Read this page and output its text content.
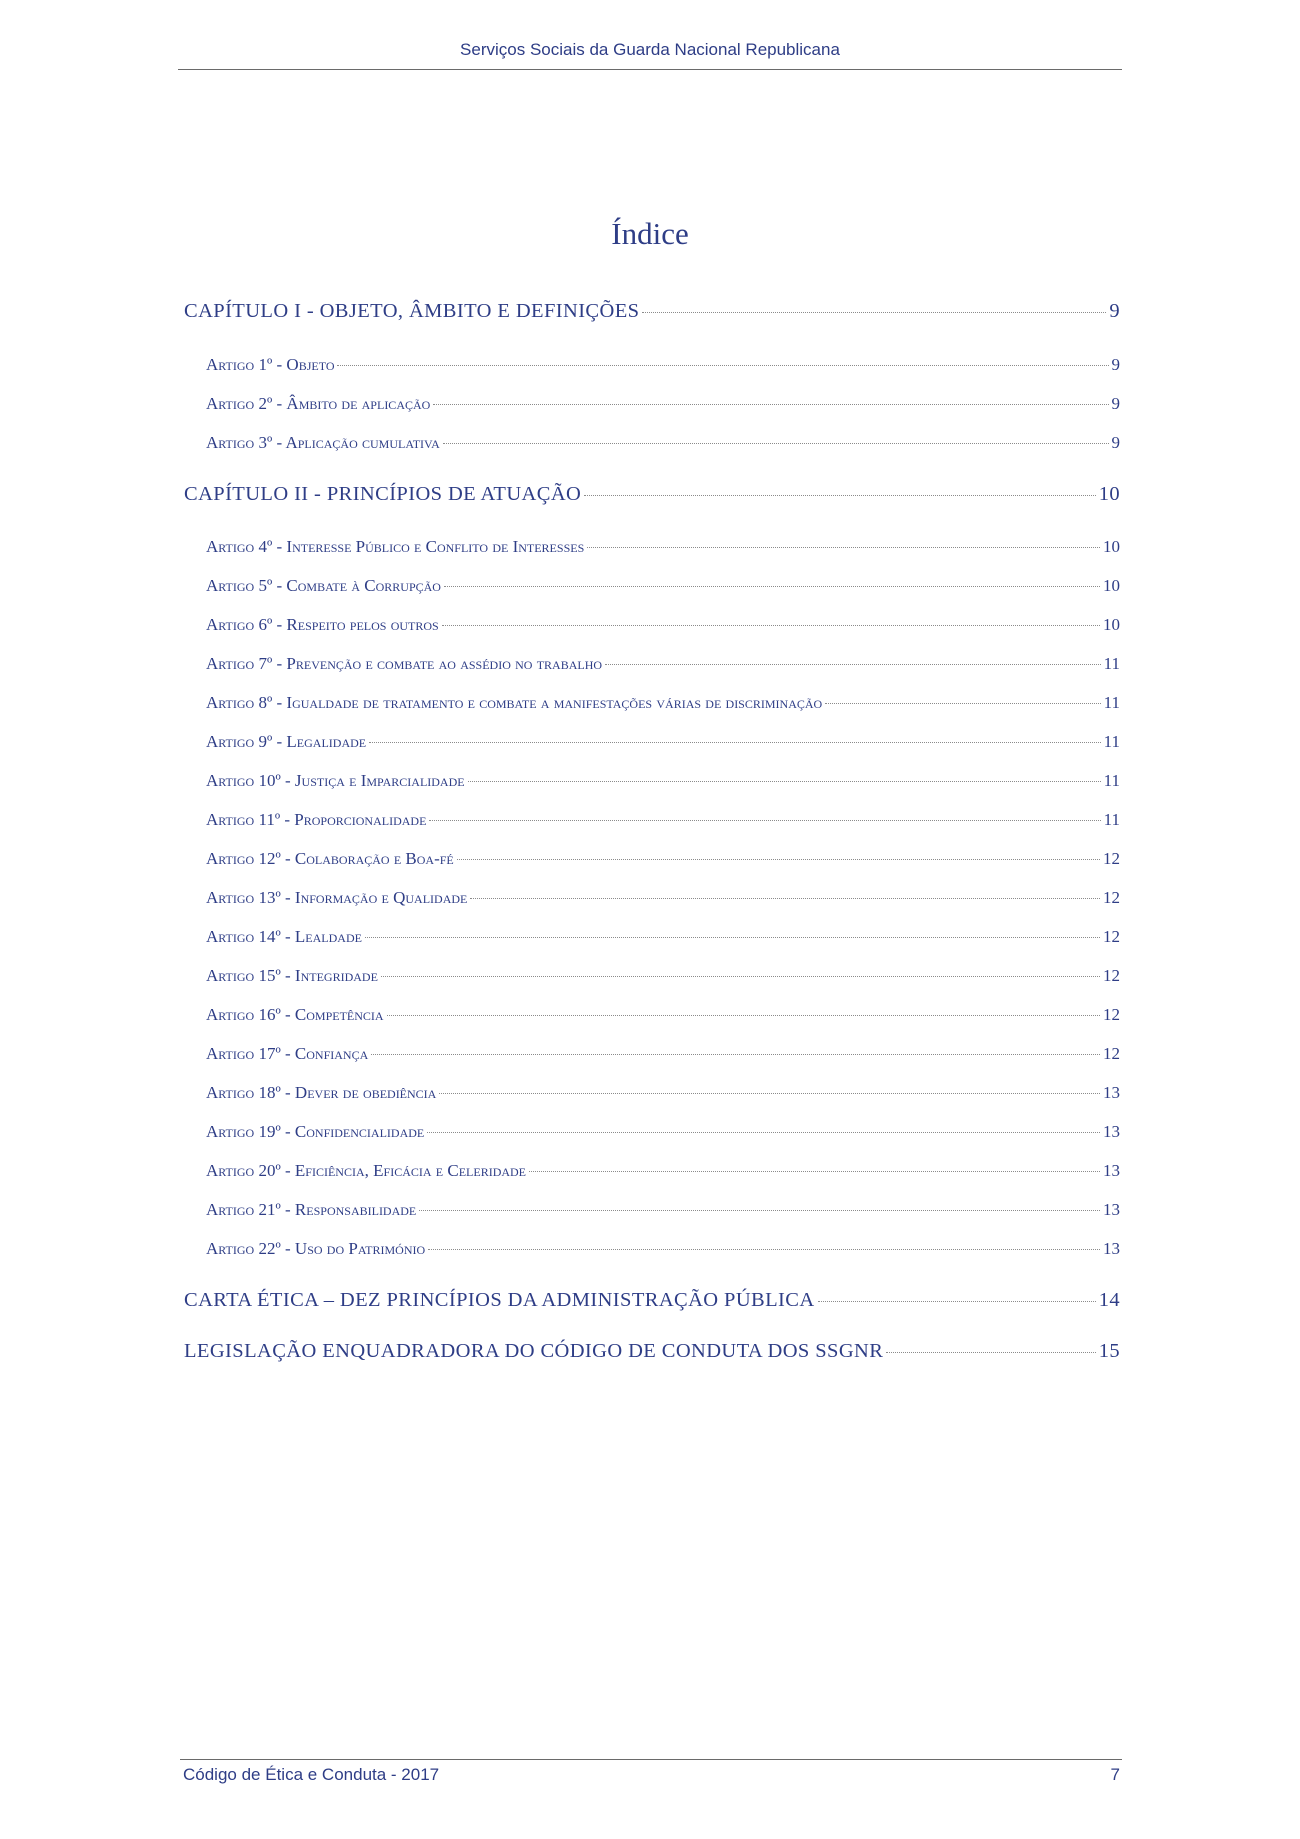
Serviços Sociais da Guarda Nacional Republicana
Índice
CAPÍTULO I - OBJETO, ÂMBITO E DEFINIÇÕES	9
Artigo 1º - Objeto	9
Artigo 2º - Âmbito de aplicação	9
Artigo 3º - Aplicação cumulativa	9
CAPÍTULO II - PRINCÍPIOS DE ATUAÇÃO	10
Artigo 4º - Interesse Público e Conflito de Interesses	10
Artigo 5º - Combate à Corrupção	10
Artigo 6º - Respeito pelos outros	10
Artigo 7º - Prevenção e combate ao assédio no trabalho	11
Artigo 8º - Igualdade de tratamento e combate a manifestações várias de discriminação	11
Artigo 9º - Legalidade	11
Artigo 10º - Justiça e Imparcialidade	11
Artigo 11º - Proporcionalidade	11
Artigo 12º - Colaboração e Boa-fé	12
Artigo 13º - Informação e Qualidade	12
Artigo 14º - Lealdade	12
Artigo 15º - Integridade	12
Artigo 16º - Competência	12
Artigo 17º - Confiança	12
Artigo 18º - Dever de obediência	13
Artigo 19º - Confidencialidade	13
Artigo 20º - Eficiência, Eficácia e Celeridade	13
Artigo 21º - Responsabilidade	13
Artigo 22º - Uso do Património	13
CARTA ÉTICA – DEZ PRINCÍPIOS DA ADMINISTRAÇÃO PÚBLICA	14
LEGISLAÇÃO ENQUADRADORA DO CÓDIGO DE CONDUTA DOS SSGNR	15
Código de Ética e Conduta - 2017	7
